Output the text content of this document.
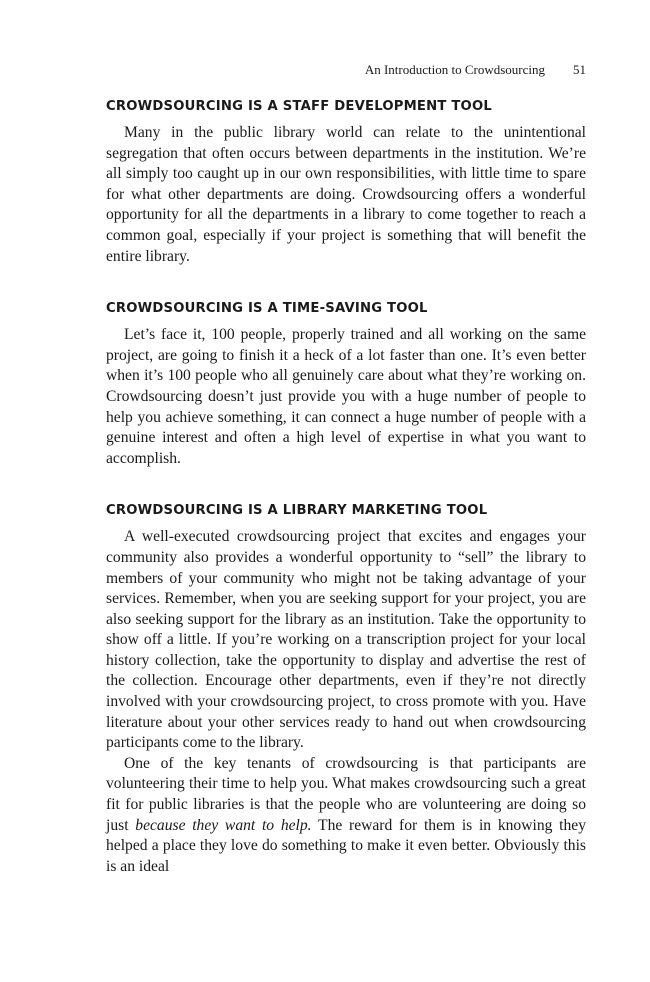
An Introduction to Crowdsourcing 51
CROWDSOURCING IS A STAFF DEVELOPMENT TOOL

Many in the public library world can relate to the unintentional segregation that often occurs between departments in the institution. We’re all simply too caught up in our own responsibilities, with little time to spare for what other departments are doing. Crowdsourcing offers a wonderful opportunity for all the departments in a library to come together to reach a common goal, especially if your project is something that will benefit the entire library.

CROWDSOURCING IS A TIME-SAVING TOOL

Let’s face it, 100 people, properly trained and all working on the same project, are going to finish it a heck of a lot faster than one. It’s even better when it’s 100 people who all genuinely care about what they’re working on. Crowdsourcing doesn’t just provide you with a huge number of people to help you achieve something, it can connect a huge number of people with a genuine interest and often a high level of expertise in what you want to accomplish.

CROWDSOURCING IS A LIBRARY MARKETING TOOL

A well-executed crowdsourcing project that excites and engages your community also provides a wonderful opportunity to “sell” the library to members of your community who might not be taking advantage of your services. Remember, when you are seeking support for your project, you are also seeking support for the library as an institution. Take the opportunity to show off a little. If you’re working on a transcription project for your local history collection, take the opportunity to display and advertise the rest of the collection. Encourage other departments, even if they’re not directly involved with your crowdsourcing project, to cross promote with you. Have literature about your other services ready to hand out when crowdsourcing participants come to the library.

One of the key tenants of crowdsourcing is that participants are volunteering their time to help you. What makes crowdsourcing such a great fit for public libraries is that the people who are volunteering are doing so just because they want to help. The reward for them is in knowing they helped a place they love do something to make it even better. Obviously this is an ideal
